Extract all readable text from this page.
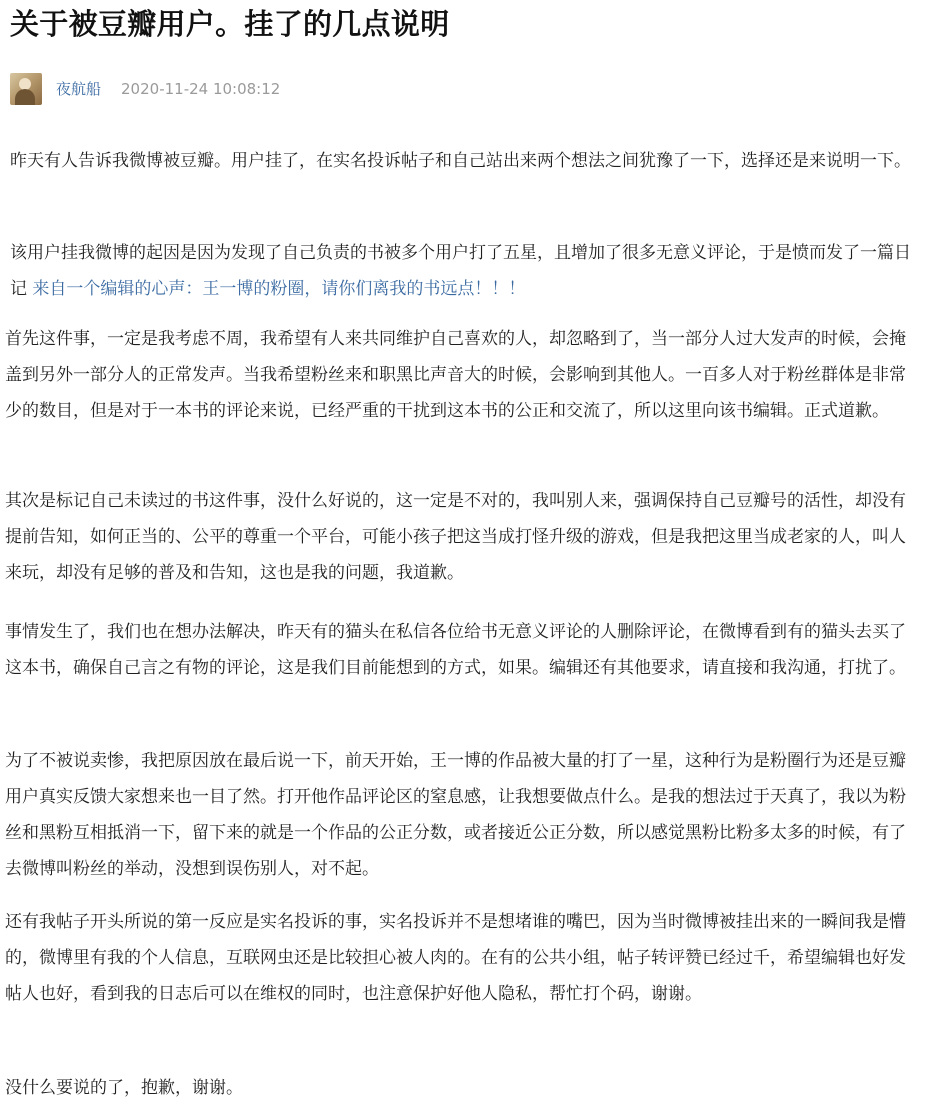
关于被豆瓣用户。挂了的几点说明
夜航船 2020-11-24 10:08:12

昨天有人告诉我微博被豆瓣。用户挂了，在实名投诉帖子和自己站出来两个想法之间犹豫了一下，选择还是来说明一下。

该用户挂我微博的起因是因为发现了自己负责的书被多个用户打了五星，且增加了很多无意义评论，于是愤而发了一篇日记 来自一个编辑的心声：王一博的粉圈，请你们离我的书远点！！！

首先这件事，一定是我考虑不周，我希望有人来共同维护自己喜欢的人，却忽略到了，当一部分人过大发声的时候，会掩盖到另外一部分人的正常发声。当我希望粉丝来和职黑比声音大的时候，会影响到其他人。一百多人对于粉丝群体是非常少的数目，但是对于一本书的评论来说，已经严重的干扰到这本书的公正和交流了，所以这里向该书编辑。正式道歉。

其次是标记自己未读过的书这件事，没什么好说的，这一定是不对的，我叫别人来，强调保持自己豆瓣号的活性，却没有提前告知，如何正当的、公平的尊重一个平台，可能小孩子把这当成打怪升级的游戏，但是我把这里当成老家的人，叫人来玩，却没有足够的普及和告知，这也是我的问题，我道歉。

事情发生了，我们也在想办法解决，昨天有的猫头在私信各位给书无意义评论的人删除评论，在微博看到有的猫头去买了这本书，确保自己言之有物的评论，这是我们目前能想到的方式，如果。编辑还有其他要求，请直接和我沟通，打扰了。

为了不被说卖惨，我把原因放在最后说一下，前天开始，王一博的作品被大量的打了一星，这种行为是粉圈行为还是豆瓣用户真实反馈大家想来也一目了然。打开他作品评论区的窒息感，让我想要做点什么。是我的想法过于天真了，我以为粉丝和黑粉互相抵消一下，留下来的就是一个作品的公正分数，或者接近公正分数，所以感觉黑粉比粉多太多的时候，有了去微博叫粉丝的举动，没想到误伤别人，对不起。

还有我帖子开头所说的第一反应是实名投诉的事，实名投诉并不是想堵谁的嘴巴，因为当时微博被挂出来的一瞬间我是懵的，微博里有我的个人信息，互联网虫还是比较担心被人肉的。在有的公共小组，帖子转评赞已经过千，希望编辑也好发帖人也好，看到我的日志后可以在维权的同时，也注意保护好他人隐私，帮忙打个码，谢谢。

没什么要说的了，抱歉，谢谢。
